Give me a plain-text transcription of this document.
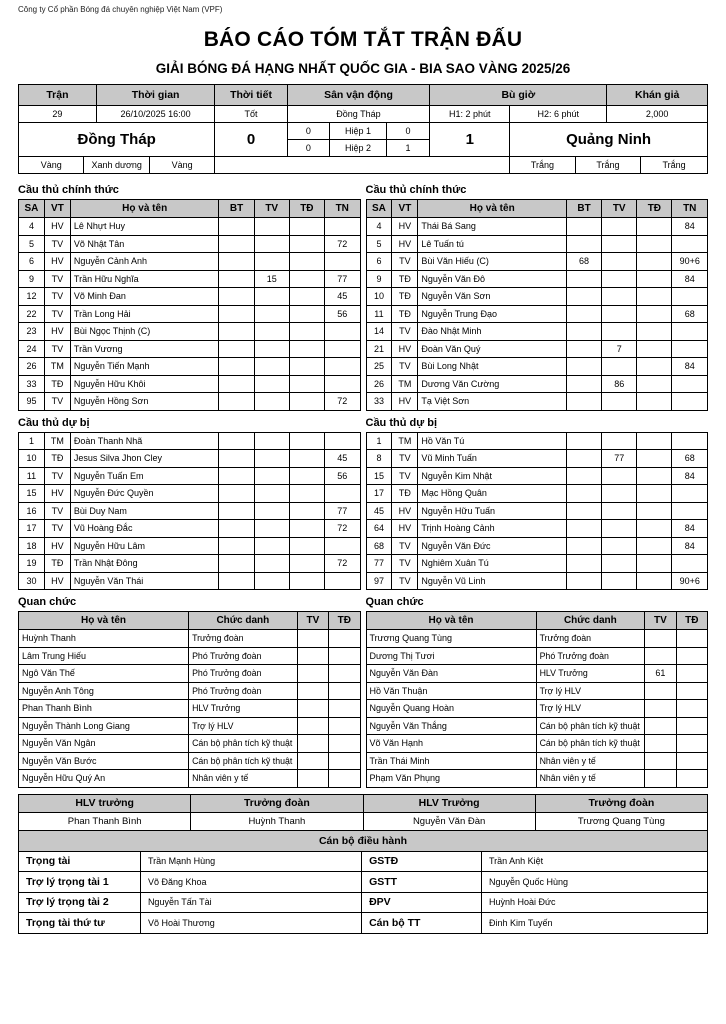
Công ty Cổ phần Bóng đá chuyên nghiệp Việt Nam (VPF)
BÁO CÁO TÓM TẮT TRẬN ĐẤU
GIẢI BÓNG ĐÁ HẠNG NHẤT QUỐC GIA - BIA SAO VÀNG 2025/26
Trận	Thời gian	Thời tiết	Sân vận động	Bù giờ	Khán giả
29	26/10/2025 16:00	Tốt	Đồng Tháp	H1: 2 phút	H2: 6 phút	2,000
Đồng Tháp	0
0	Hiệp 1	0
0	Hiệp 2	1	1	Quảng Ninh
Vàng	Xanh dương	Vàng	Trắng	Trắng	Trắng
Cầu thủ chính thức
SA	VT	Họ và tên	BT	TV	TĐ	TN
4	HV	Lê Nhựt Huy				
5	TV	Võ Nhật Tân				72
6	HV	Nguyễn Cảnh Anh				
9	TV	Trần Hữu Nghĩa		15		77
12	TV	Võ Minh Đan				45
22	TV	Trần Long Hải				56
23	HV	Bùi Ngọc Thịnh (C)				
24	TV	Trần Vương				
26	TM	Nguyễn Tiến Mạnh				
33	TĐ	Nguyễn Hữu Khôi				
95	TV	Nguyễn Hồng Sơn				72
Cầu thủ dự bị
1	TM	Đoàn Thanh Nhã				
10	TĐ	Jesus Silva Jhon Cley				45
11	TV	Nguyễn Tuấn Em				56
15	HV	Nguyễn Đức Quyền				
16	TV	Bùi Duy Nam				77
17	TV	Vũ Hoàng Đắc				72
18	HV	Nguyễn Hữu Lâm				
19	TĐ	Trần Nhật Đông				72
30	HV	Nguyễn Văn Thái				
Quan chức
Họ và tên	Chức danh	TV	TĐ
Huỳnh Thanh	Trưởng đoàn		
Lâm Trung Hiếu	Phó Trưởng đoàn		
Ngô Văn Thế	Phó Trưởng đoàn		
Nguyễn Anh Tông	Phó Trưởng đoàn		
Phan Thanh Bình	HLV Trưởng		
Nguyễn Thành Long Giang	Trợ lý HLV		
Nguyễn Văn Ngân	Cán bộ phân tích kỹ thuật		
Nguyễn Văn Bước	Cán bộ phân tích kỹ thuật		
Nguyễn Hữu Quý An	Nhân viên y tế		
Cầu thủ chính thức
SA	VT	Họ và tên	BT	TV	TĐ	TN
4	HV	Thái Bá Sang				84
5	HV	Lê Tuấn tú				
6	TV	Bùi Văn Hiếu (C)	68			90+6
9	TĐ	Nguyễn Văn Đô				84
10	TĐ	Nguyễn Văn Sơn				
11	TĐ	Nguyễn Trung Đạo				68
14	TV	Đào Nhật Minh				
21	HV	Đoàn Văn Quý		7		
25	TV	Bùi Long Nhật				84
26	TM	Dương Văn Cường		86		
33	HV	Tạ Việt Sơn				
Cầu thủ dự bị
1	TM	Hồ Văn Tú				
8	TV	Vũ Minh Tuấn		77		68
15	TV	Nguyễn Kim Nhật				84
17	TĐ	Mạc Hồng Quân				
45	HV	Nguyễn Hữu Tuấn				
64	HV	Trịnh Hoàng Cảnh				84
68	TV	Nguyễn Văn Đức				84
77	TV	Nghiêm Xuân Tú				
97	TV	Nguyễn Vũ Linh				90+6
Quan chức
Họ và tên	Chức danh	TV	TĐ
Trương Quang Tùng	Trưởng đoàn		
Dương Thị Tươi	Phó Trưởng đoàn		
Nguyễn Văn Đàn	HLV Trưởng	61	
Hồ Văn Thuận	Trợ lý HLV		
Nguyễn Quang Hoàn	Trợ lý HLV		
Nguyễn Văn Thắng	Cán bộ phân tích kỹ thuật		
Võ Văn Hạnh	Cán bộ phân tích kỹ thuật		
Trần Thái Minh	Nhân viên y tế		
Phạm Văn Phụng	Nhân viên y tế		
HLV trưởng	Trưởng đoàn	HLV Trưởng	Trưởng đoàn
Phan Thanh Bình	Huỳnh Thanh	Nguyễn Văn Đàn	Trương Quang Tùng
Cán bộ điều hành
Trọng tài	Trần Mạnh Hùng	GSTĐ	Trần Anh Kiệt
Trợ lý trọng tài 1	Võ Đăng Khoa	GSTT	Nguyễn Quốc Hùng
Trợ lý trọng tài 2	Nguyễn Tấn Tài	ĐPV	Huỳnh Hoài Đức
Trọng tài thứ tư	Võ Hoài Thương	Cán bộ TT	Đinh Kim Tuyến
